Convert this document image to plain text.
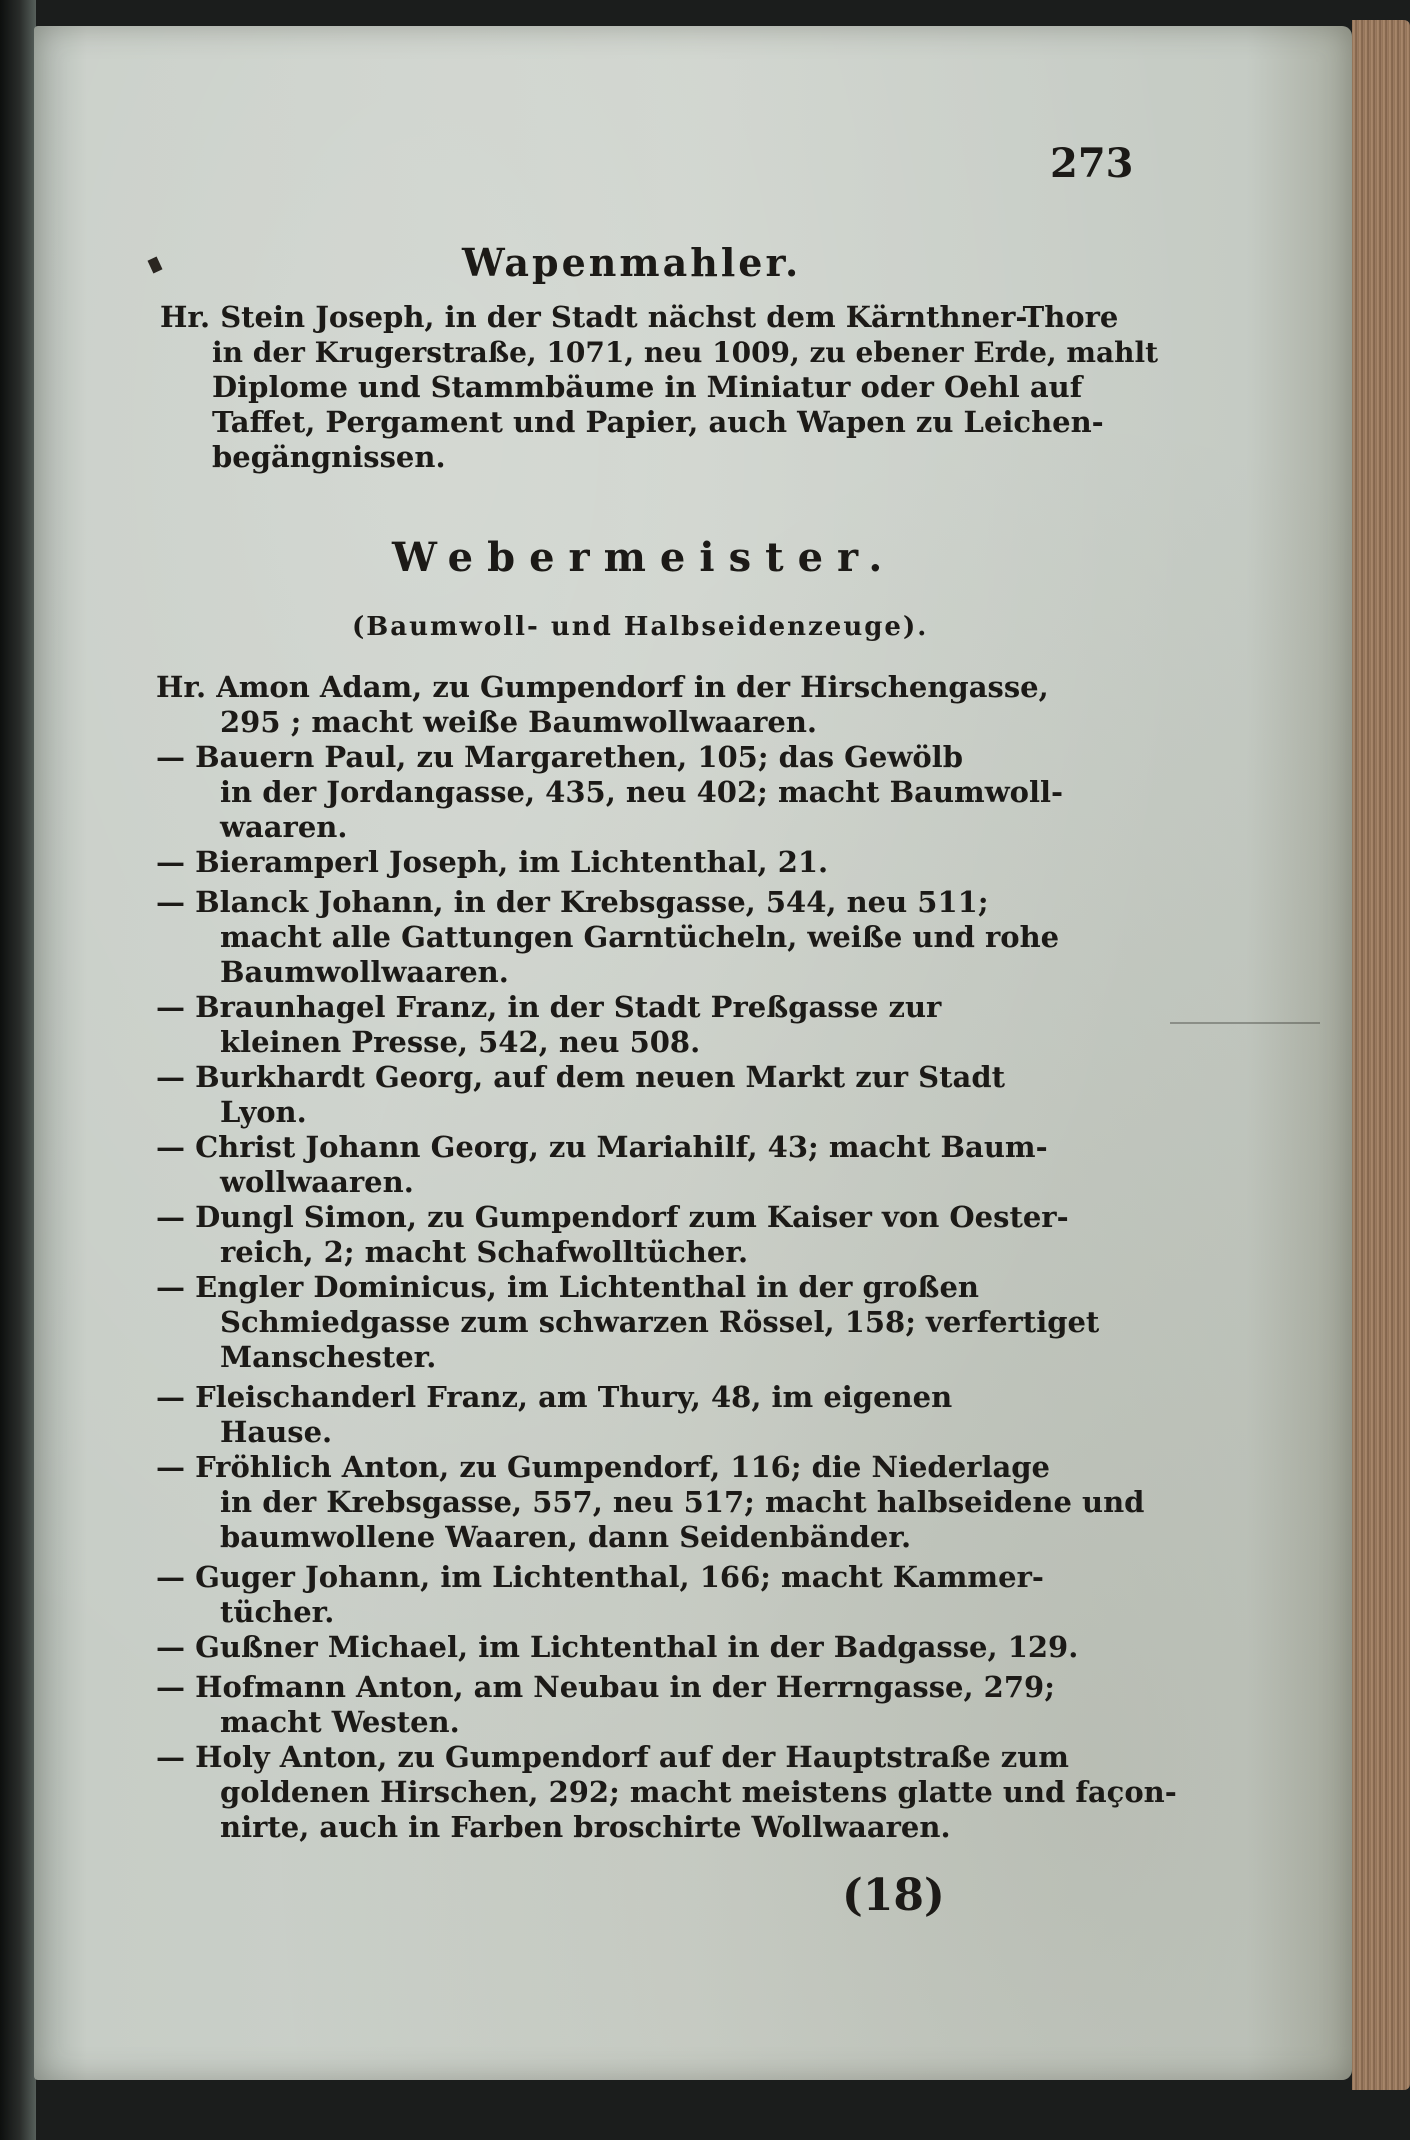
273
Wapenmahler.
Hr. Stein Joseph, in der Stadt nächst dem Kärnthner-Thore
in der Krugerstraße, 1071, neu 1009, zu ebener Erde, mahlt
Diplome und Stammbäume in Miniatur oder Oehl auf
Taffet, Pergament und Papier, auch Wapen zu Leichen-
begängnissen.
Webermeister.
(Baumwoll- und Halbseidenzeuge).
Hr. Amon Adam, zu Gumpendorf in der Hirschengasse,
295 ; macht weiße Baumwollwaaren.
— Bauern Paul, zu Margarethen, 105; das Gewölb
in der Jordangasse, 435, neu 402; macht Baumwoll-
waaren.
— Bieramperl Joseph, im Lichtenthal, 21.
— Blanck Johann, in der Krebsgasse, 544, neu 511;
macht alle Gattungen Garntücheln, weiße und rohe
Baumwollwaaren.
— Braunhagel Franz, in der Stadt Preßgasse zur
kleinen Presse, 542, neu 508.
— Burkhardt Georg, auf dem neuen Markt zur Stadt
Lyon.
— Christ Johann Georg, zu Mariahilf, 43; macht Baum-
wollwaaren.
— Dungl Simon, zu Gumpendorf zum Kaiser von Oester-
reich, 2; macht Schafwolltücher.
— Engler Dominicus, im Lichtenthal in der großen
Schmiedgasse zum schwarzen Rössel, 158; verfertiget
Manschester.
— Fleischanderl Franz, am Thury, 48, im eigenen
Hause.
— Fröhlich Anton, zu Gumpendorf, 116; die Niederlage
in der Krebsgasse, 557, neu 517; macht halbseidene und
baumwollene Waaren, dann Seidenbänder.
— Guger Johann, im Lichtenthal, 166; macht Kammer-
tücher.
— Gußner Michael, im Lichtenthal in der Badgasse, 129.
— Hofmann Anton, am Neubau in der Herrngasse, 279;
macht Westen.
— Holy Anton, zu Gumpendorf auf der Hauptstraße zum
goldenen Hirschen, 292; macht meistens glatte und façon-
nirte, auch in Farben broschirte Wollwaaren.
(18)
